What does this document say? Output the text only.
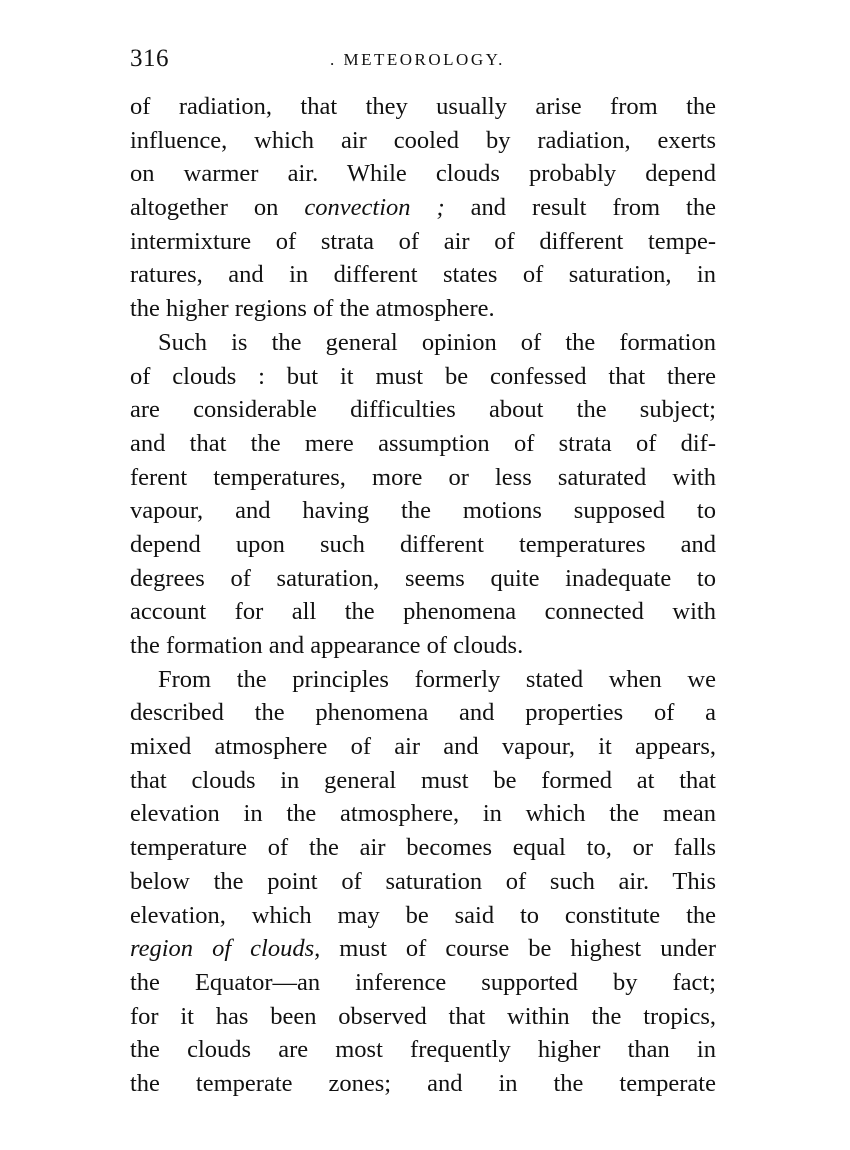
316	. METEOROLOGY.
of radiation, that they usually arise from the
influence, which air cooled by radiation, exerts
on warmer air. While clouds probably depend
altogether on convection ; and result from the
intermixture of strata of air of different tempe-
ratures, and in different states of saturation, in
the higher regions of the atmosphere.
Such is the general opinion of the formation
of clouds : but it must be confessed that there
are considerable difficulties about the subject;
and that the mere assumption of strata of dif-
ferent temperatures, more or less saturated with
vapour, and having the motions supposed to
depend upon such different temperatures and
degrees of saturation, seems quite inadequate to
account for all the phenomena connected with
the formation and appearance of clouds.
From the principles formerly stated when we
described the phenomena and properties of a
mixed atmosphere of air and vapour, it appears,
that clouds in general must be formed at that
elevation in the atmosphere, in which the mean
temperature of the air becomes equal to, or falls
below the point of saturation of such air. This
elevation, which may be said to constitute the
region of clouds, must of course be highest under
the Equator—an inference supported by fact;
for it has been observed that within the tropics,
the clouds are most frequently higher than in
the temperate zones; and in the temperate
